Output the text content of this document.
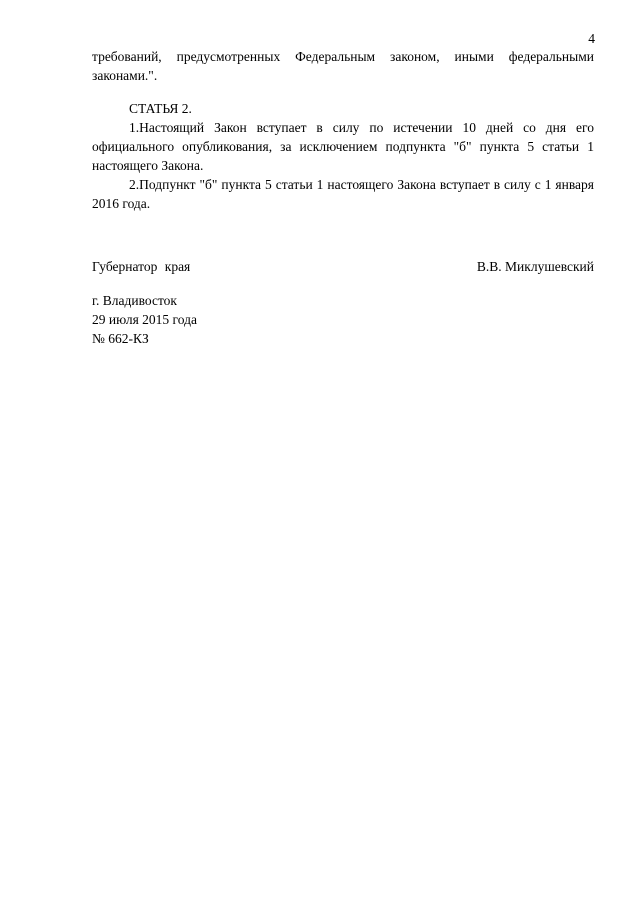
4

требований, предусмотренных Федеральным законом, иными федеральными

законами.".

СТАТЬЯ 2.

1.Настоящий Закон вступает в силу по истечении 10 дней со дня его официального опубликования, за исключением подпункта "б" пункта 5 статьи 1 настоящего Закона.

2.Подпункт "б" пункта 5 статьи 1 настоящего Закона вступает в силу с 1 января 2016 года.

Губернатор края	В.В. Миклушевский

г. Владивосток

29 июля 2015 года

№ 662-КЗ
